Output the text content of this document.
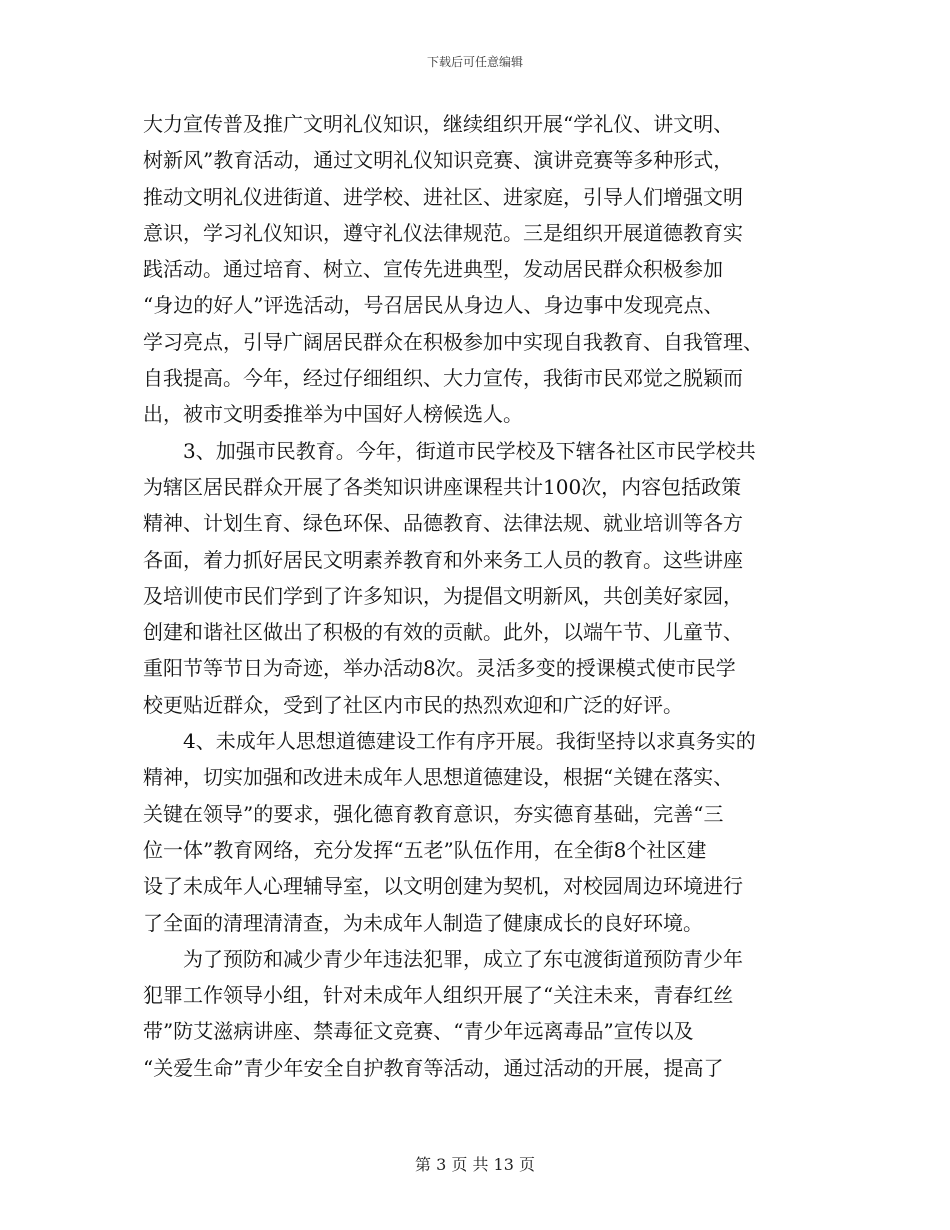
下载后可任意编辑
大力宣传普及推广文明礼仪知识，继续组织开展“学礼仪、讲文明、
树新风”教育活动，通过文明礼仪知识竞赛、演讲竞赛等多种形式，
推动文明礼仪进街道、进学校、进社区、进家庭，引导人们增强文明
意识，学习礼仪知识，遵守礼仪法律规范。三是组织开展道德教育实
践活动。通过培育、树立、宣传先进典型，发动居民群众积极参加
“身边的好人”评选活动，号召居民从身边人、身边事中发现亮点、
学习亮点，引导广阔居民群众在积极参加中实现自我教育、自我管理、
自我提高。今年，经过仔细组织、大力宣传，我街市民邓觉之脱颖而
出，被市文明委推举为中国好人榜候选人。
　　3、加强市民教育。今年，街道市民学校及下辖各社区市民学校共
为辖区居民群众开展了各类知识讲座课程共计100次，内容包括政策
精神、计划生育、绿色环保、品德教育、法律法规、就业培训等各方
各面，着力抓好居民文明素养教育和外来务工人员的教育。这些讲座
及培训使市民们学到了许多知识，为提倡文明新风，共创美好家园，
创建和谐社区做出了积极的有效的贡献。此外，以端午节、儿童节、
重阳节等节日为奇迹，举办活动8次。灵活多变的授课模式使市民学
校更贴近群众，受到了社区内市民的热烈欢迎和广泛的好评。
　　4、未成年人思想道德建设工作有序开展。我街坚持以求真务实的
精神，切实加强和改进未成年人思想道德建设，根据“关键在落实、
关键在领导”的要求，强化德育教育意识，夯实德育基础，完善“三
位一体”教育网络，充分发挥“五老”队伍作用，在全街8个社区建
设了未成年人心理辅导室，以文明创建为契机，对校园周边环境进行
了全面的清理清清查，为未成年人制造了健康成长的良好环境。
　　为了预防和减少青少年违法犯罪，成立了东屯渡街道预防青少年
犯罪工作领导小组，针对未成年人组织开展了“关注未来，青春红丝
带”防艾滋病讲座、禁毒征文竞赛、“青少年远离毒品”宣传以及
“关爱生命”青少年安全自护教育等活动，通过活动的开展，提高了
第 3 页 共 13 页
